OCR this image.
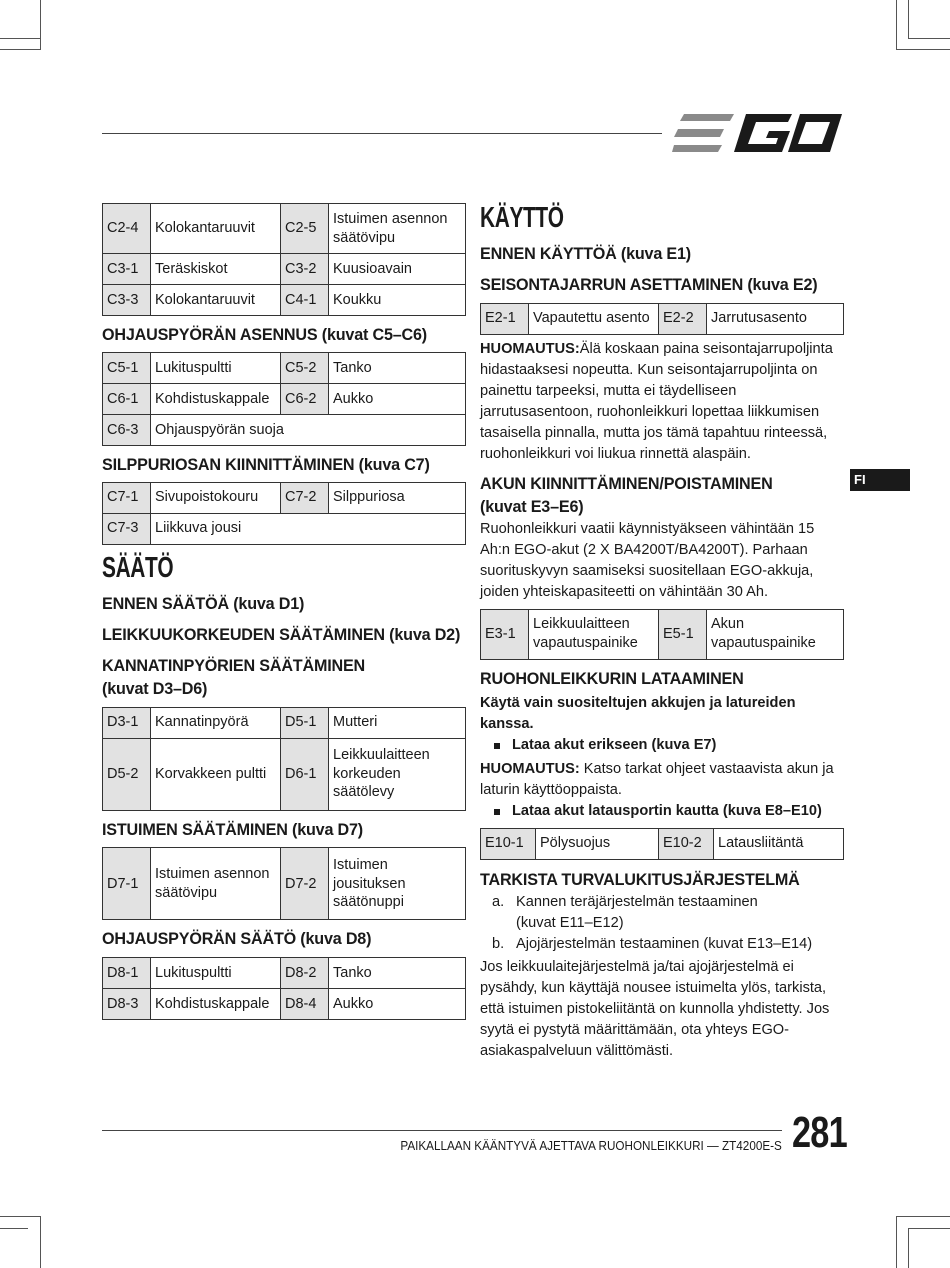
FI
C2-4	Kolokantaruuvit	C2-5	Istuimen asennon säätövipu
C3-1	Teräskiskot	C3-2	Kuusioavain
C3-3	Kolokantaruuvit	C4-1	Koukku
OHJAUSPYÖRÄN ASENNUS (kuvat C5–C6)
C5-1	Lukituspultti	C5-2	Tanko
C6-1	Kohdistuskappale	C6-2	Aukko
C6-3	Ohjauspyörän suoja		
SILPPURIOSAN KIINNITTÄMINEN (kuva C7)
C7-1	Sivupoistokouru	C7-2	Silppuriosa
C7-3	Liikkuva jousi		
SÄÄTÖ
ENNEN SÄÄTÖÄ (kuva D1)
LEIKKUUKORKEUDEN SÄÄTÄMINEN (kuva D2)
KANNATINPYÖRIEN SÄÄTÄMINEN
(kuvat D3–D6)
D3-1	Kannatinpyörä	D5-1	Mutteri
D5-2	Korvakkeen pultti	D6-1	Leikkuulaitteen korkeuden säätölevy
ISTUIMEN SÄÄTÄMINEN (kuva D7)
D7-1	Istuimen asennon säätövipu	D7-2	Istuimen jousituksen säätönuppi
OHJAUSPYÖRÄN SÄÄTÖ (kuva D8)
D8-1	Lukituspultti	D8-2	Tanko
D8-3	Kohdistuskappale	D8-4	Aukko
KÄYTTÖ
ENNEN KÄYTTÖÄ (kuva E1)
SEISONTAJARRUN ASETTAMINEN (kuva E2)
E2-1	Vapautettu asento	E2-2	Jarrutusasento
HUOMAUTUS:Älä koskaan paina seisontajarrupoljinta hidastaaksesi nopeutta. Kun seisontajarrupoljinta on painettu tarpeeksi, mutta ei täydelliseen jarrutusasentoon, ruohonleikkuri lopettaa liikkumisen tasaisella pinnalla, mutta jos tämä tapahtuu rinteessä, ruohonleikkuri voi liukua rinnettä alaspäin.
AKUN KIINNITTÄMINEN/POISTAMINEN
(kuvat E3–E6)
Ruohonleikkuri vaatii käynnistyäkseen vähintään 15 Ah:n EGO-akut (2 X BA4200T/BA4200T). Parhaan suorituskyvyn saamiseksi suositellaan EGO-akkuja, joiden yhteiskapasiteetti on vähintään 30 Ah.
E3-1	Leikkuulaitteen vapautuspainike	E5-1	Akun vapautuspainike
RUOHONLEIKKURIN LATAAMINEN
Käytä vain suositeltujen akkujen ja latureiden kanssa.
Lataa akut erikseen (kuva E7)
HUOMAUTUS: Katso tarkat ohjeet vastaavista akun ja laturin käyttöoppaista.
Lataa akut latausportin kautta (kuva E8–E10)
E10-1	Pölysuojus	E10-2	Latausliitäntä
TARKISTA TURVALUKITUSJÄRJESTELMÄ
a. Kannen teräjärjestelmän testaaminen
(kuvat E11–E12)
b. Ajojärjestelmän testaaminen (kuvat E13–E14)
Jos leikkuulaitejärjestelmä ja/tai ajojärjestelmä ei pysähdy, kun käyttäjä nousee istuimelta ylös, tarkista, että istuimen pistokeliitäntä on kunnolla yhdistetty. Jos syytä ei pystytä määrittämään, ota yhteys EGO-asiakaspalveluun välittömästi.
PAIKALLAAN KÄÄNTYVÄ AJETTAVA RUOHONLEIKKURI — ZT4200E-S 281
